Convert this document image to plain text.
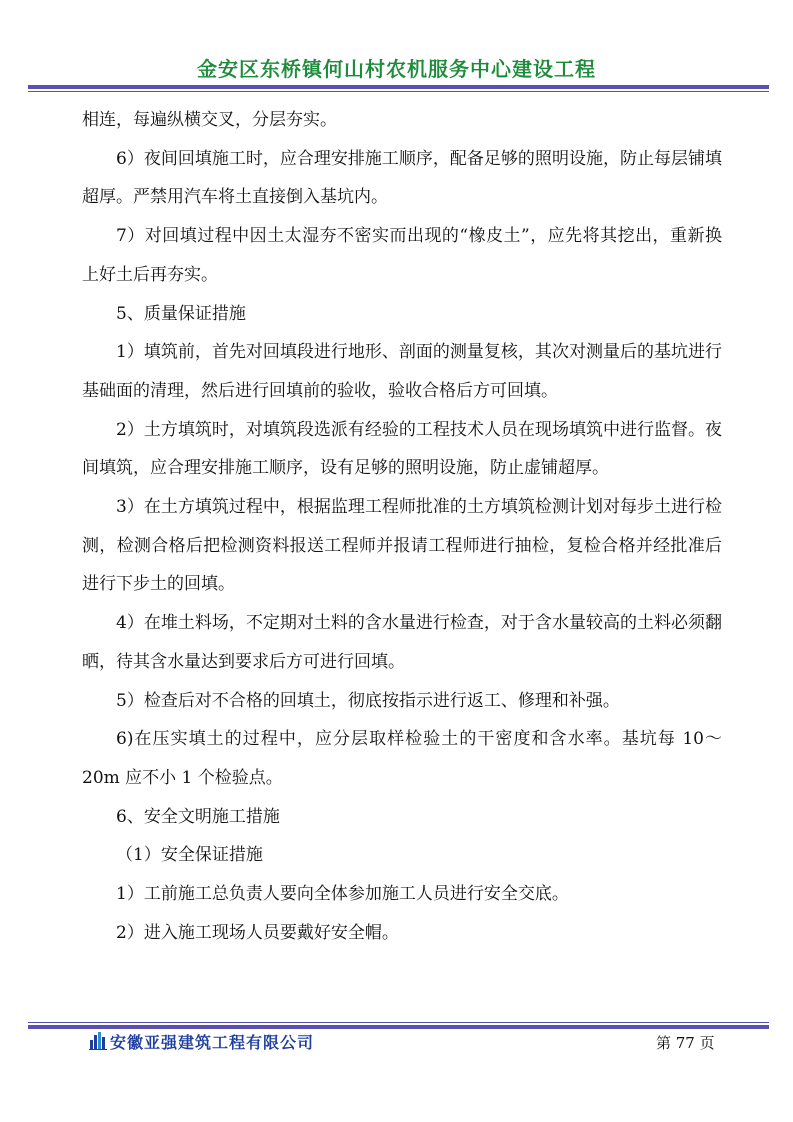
金安区东桥镇何山村农机服务中心建设工程

相连，每遍纵横交叉，分层夯实。

6）夜间回填施工时，应合理安排施工顺序，配备足够的照明设施，防止每层铺填超厚。严禁用汽车将土直接倒入基坑内。

7）对回填过程中因土太湿夯不密实而出现的“橡皮土”，应先将其挖出，重新换上好土后再夯实。

5、质量保证措施

1）填筑前，首先对回填段进行地形、剖面的测量复核，其次对测量后的基坑进行基础面的清理，然后进行回填前的验收，验收合格后方可回填。

2）土方填筑时，对填筑段选派有经验的工程技术人员在现场填筑中进行监督。夜间填筑，应合理安排施工顺序，设有足够的照明设施，防止虚铺超厚。

3）在土方填筑过程中，根据监理工程师批准的土方填筑检测计划对每步土进行检测，检测合格后把检测资料报送工程师并报请工程师进行抽检，复检合格并经批准后进行下步土的回填。

4）在堆土料场，不定期对土料的含水量进行检查，对于含水量较高的土料必须翻晒，待其含水量达到要求后方可进行回填。

5）检查后对不合格的回填土，彻底按指示进行返工、修理和补强。

6)在压实填土的过程中，应分层取样检验土的干密度和含水率。基坑每 10～20m 应不小 1 个检验点。

6、安全文明施工措施

（1）安全保证措施

1）工前施工总负责人要向全体参加施工人员进行安全交底。

2）进入施工现场人员要戴好安全帽。

安徽亚强建筑工程有限公司	第 77 页
